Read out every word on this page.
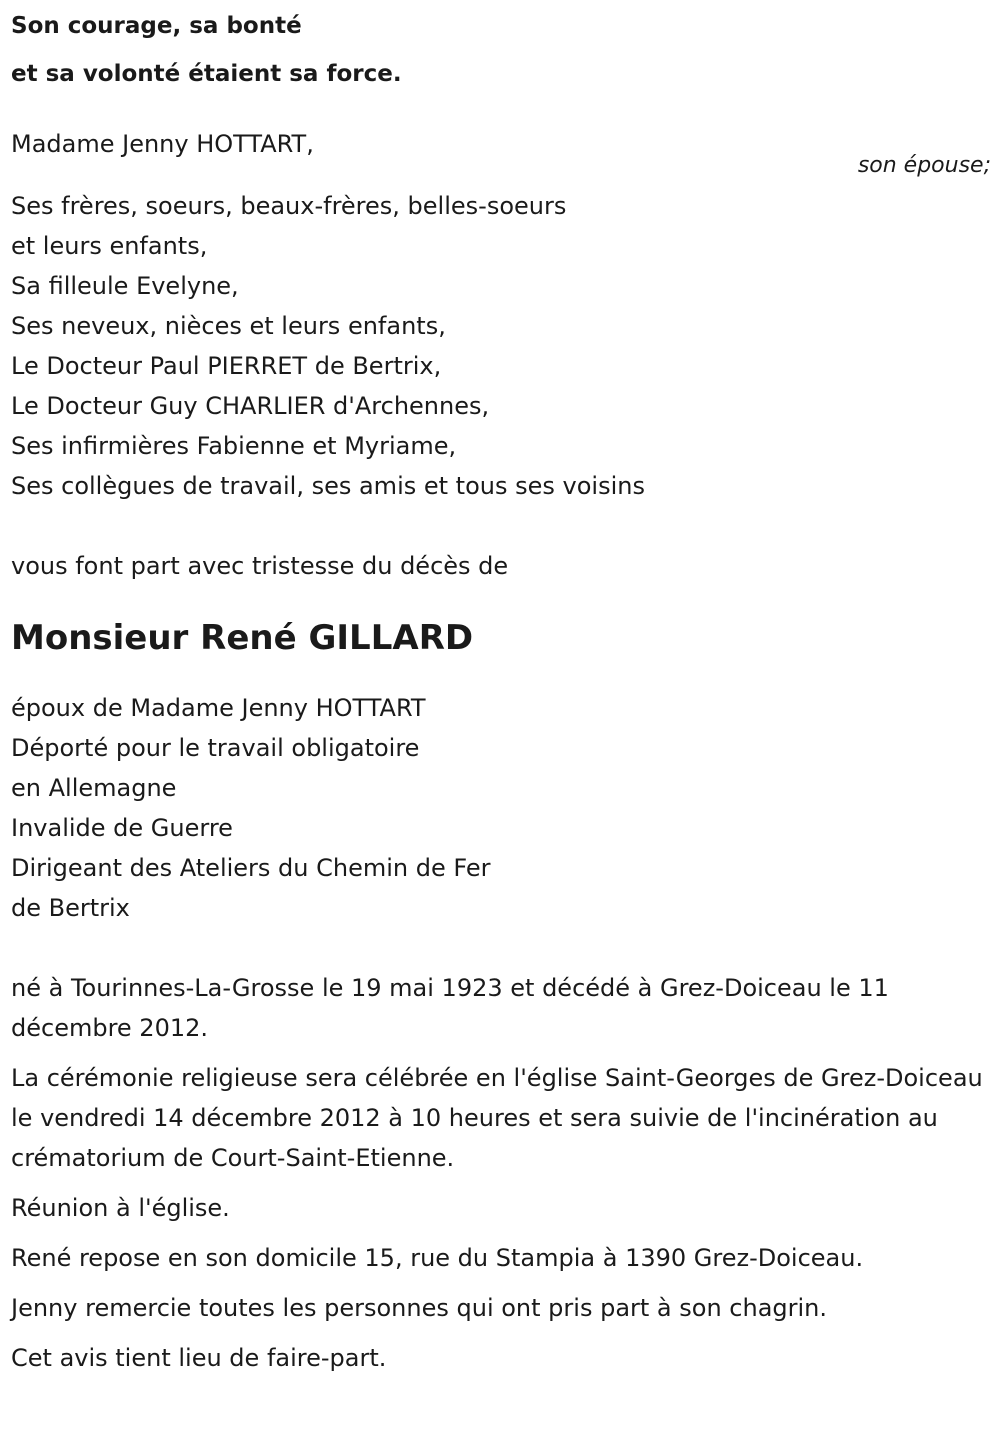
Son courage, sa bonté
et sa volonté étaient sa force.
Madame Jenny HOTTART,
son épouse;
Ses frères, soeurs, beaux-frères, belles-soeurs
et leurs enfants,
Sa filleule Evelyne,
Ses neveux, nièces et leurs enfants,
Le Docteur Paul PIERRET de Bertrix,
Le Docteur Guy CHARLIER d'Archennes,
Ses infirmières Fabienne et Myriame,
Ses collègues de travail, ses amis et tous ses voisins
vous font part avec tristesse du décès de
Monsieur René GILLARD
époux de Madame Jenny HOTTART
Déporté pour le travail obligatoire
en Allemagne
Invalide de Guerre
Dirigeant des Ateliers du Chemin de Fer
de Bertrix

né à Tourinnes-La-Grosse le 19 mai 1923 et décédé à Grez-Doiceau le 11 décembre 2012.

La cérémonie religieuse sera célébrée en l'église Saint-Georges de Grez-Doiceau le vendredi 14 décembre 2012 à 10 heures et sera suivie de l'incinération au crématorium de Court-Saint-Etienne.

Réunion à l'église.

René repose en son domicile 15, rue du Stampia à 1390 Grez-Doiceau.

Jenny remercie toutes les personnes qui ont pris part à son chagrin.

Cet avis tient lieu de faire-part.
